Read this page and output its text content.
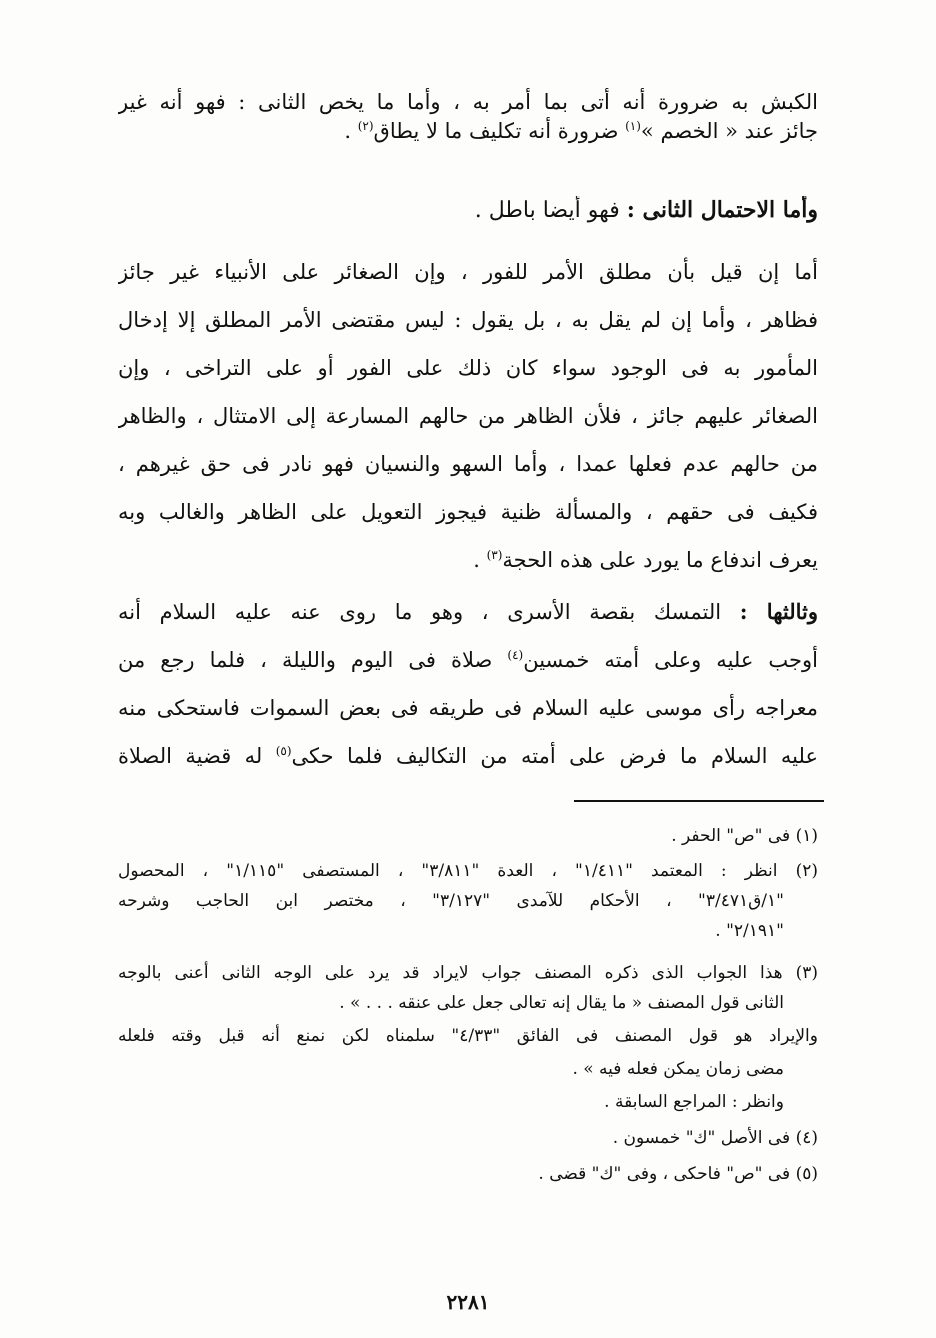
الكبش به ضرورة أنه أتى بما أمر به ، وأما ما يخص الثانى : فهو أنه غير
جائز عند « الخصم »$^{(١)}$ ضرورة أنه تكليف ما لا يطاق$^{(٢)}$ .
وأما الاحتمال الثانى : فهو أيضا باطل .
أما إن قيل بأن مطلق الأمر للفور ، وإن الصغائر على الأنبياء غير جائز
فظاهر ، وأما إن لم يقل به ، بل يقول : ليس مقتضى الأمر المطلق إلا إدخال
المأمور به فى الوجود سواء كان ذلك على الفور أو على التراخى ، وإن
الصغائر عليهم جائز ، فلأن الظاهر من حالهم المسارعة إلى الامتثال ، والظاهر
من حالهم عدم فعلها عمدا ، وأما السهو والنسيان فهو نادر فى حق غيرهم ،
فكيف فى حقهم ، والمسألة ظنية فيجوز التعويل على الظاهر والغالب وبه
يعرف اندفاع ما يورد على هذه الحجة$^{(٣)}$ .
وثالثها : التمسك بقصة الأسرى ، وهو ما روى عنه عليه السلام أنه
أوجب عليه وعلى أمته خمسين$^{(٤)}$ صلاة فى اليوم والليلة ، فلما رجع من
معراجه رأى موسى عليه السلام فى طريقه فى بعض السموات فاستحكى منه
عليه السلام ما فرض على أمته من التكاليف فلما حكى$^{(٥)}$ له قضية الصلاة
(١) فى "ص" الحفر .
(٢) انظر : المعتمد "١/٤١١" ، العدة "٣/٨١١" ، المستصفى "١/١١٥" ، المحصول
"١/ق٣/٤٧١" ، الأحكام للآمدى "٣/١٢٧" ، مختصر ابن الحاجب وشرحه
"٢/١٩١" .
(٣) هذا الجواب الذى ذكره المصنف جواب لايراد قد يرد على الوجه الثانى أعنى بالوجه
الثانى قول المصنف « ما يقال إنه تعالى جعل على عنقه . . . » .
والإيراد هو قول المصنف فى الفائق "٤/٣٣" سلمناه لكن نمنع أنه قبل وقته فلعله
مضى زمان يمكن فعله فيه » .
وانظر : المراجع السابقة .
(٤) فى الأصل "ك" خمسون .
(٥) فى "ص" فاحكى ، وفى "ك" قضى .
٢٢٨١
